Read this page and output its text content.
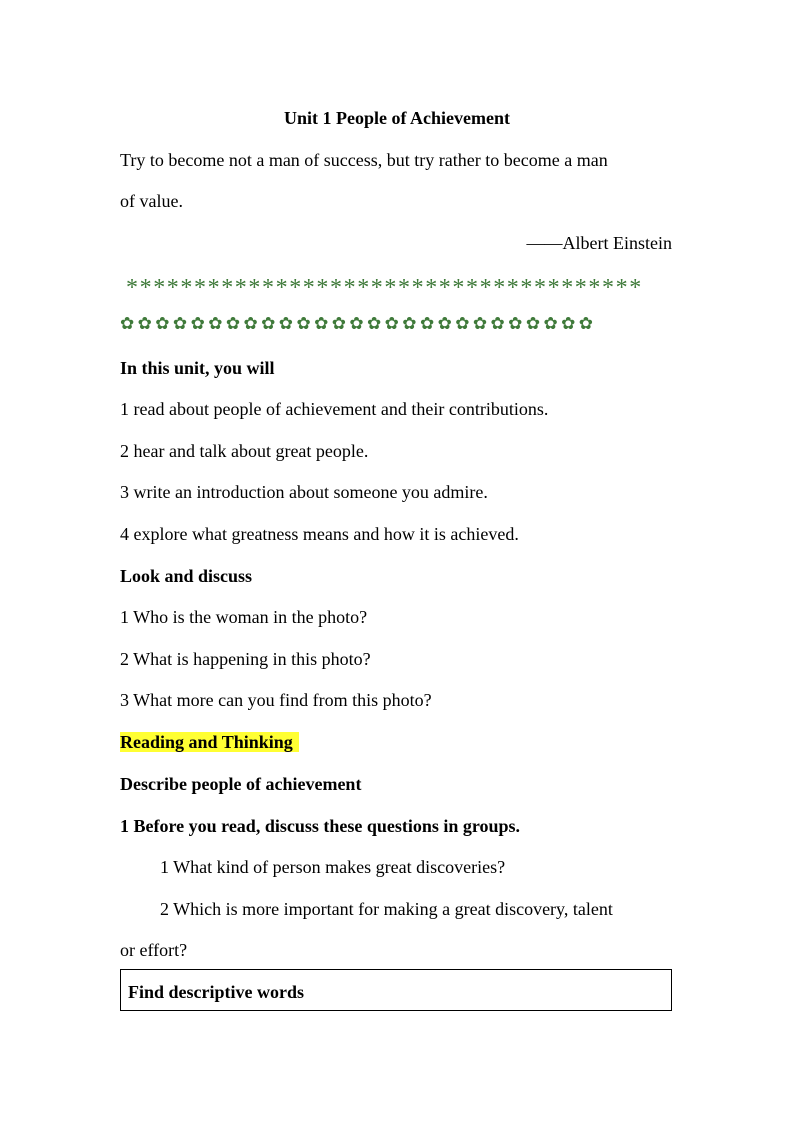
Unit 1 People of Achievement
Try to become not a man of success, but try rather to become a man
of value.
——Albert Einstein
**************************************
✿✿✿✿✿✿✿✿✿✿✿✿✿✿✿✿✿✿✿✿✿✿✿✿✿✿✿
In this unit, you will
1 read about people of achievement and their contributions.
2 hear and talk about great people.
3 write an introduction about someone you admire.
4 explore what greatness means and how it is achieved.
Look and discuss
1 Who is the woman in the photo?
2 What is happening in this photo?
3 What more can you find from this photo?
Reading and Thinking
Describe people of achievement
1 Before you read, discuss these questions in groups.
1 What kind of person makes great discoveries?
2 Which is more important for making a great discovery, talent
or effort?
Find descriptive words
